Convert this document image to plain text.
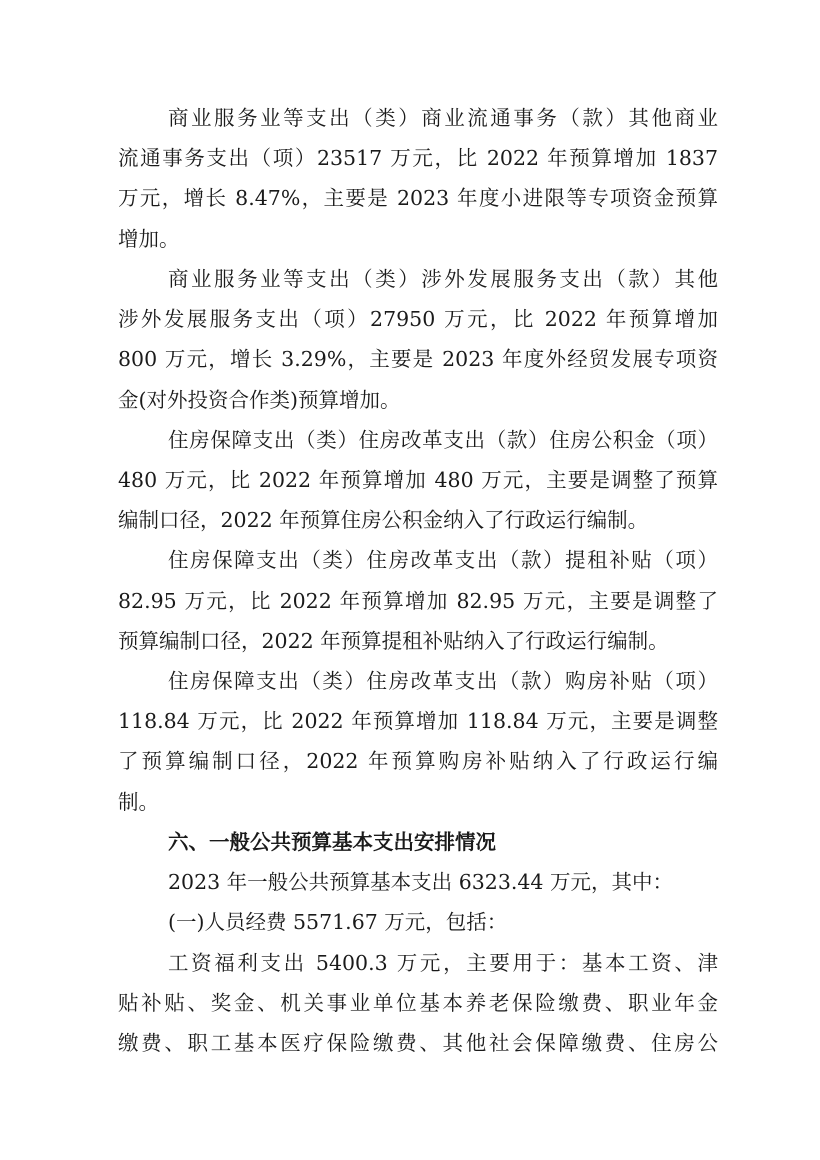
商业服务业等支出（类）商业流通事务（款）其他商业
流通事务支出（项）23517 万元，比 2022 年预算增加 1837
万元，增长 8.47%，主要是 2023 年度小进限等专项资金预算
增加。
商业服务业等支出（类）涉外发展服务支出（款）其他
涉外发展服务支出（项）27950 万元，比 2022 年预算增加
800 万元，增长 3.29%，主要是 2023 年度外经贸发展专项资
金(对外投资合作类)预算增加。
住房保障支出（类）住房改革支出（款）住房公积金（项）
480 万元，比 2022 年预算增加 480 万元，主要是调整了预算
编制口径，2022 年预算住房公积金纳入了行政运行编制。
住房保障支出（类）住房改革支出（款）提租补贴（项）
82.95 万元，比 2022 年预算增加 82.95 万元，主要是调整了
预算编制口径，2022 年预算提租补贴纳入了行政运行编制。
住房保障支出（类）住房改革支出（款）购房补贴（项）
118.84 万元，比 2022 年预算增加 118.84 万元，主要是调整
了预算编制口径，2022 年预算购房补贴纳入了行政运行编
制。
六、一般公共预算基本支出安排情况
2023 年一般公共预算基本支出 6323.44 万元，其中：
(一)人员经费 5571.67 万元，包括：
工资福利支出 5400.3 万元，主要用于：基本工资、津
贴补贴、奖金、机关事业单位基本养老保险缴费、职业年金
缴费、职工基本医疗保险缴费、其他社会保障缴费、住房公
